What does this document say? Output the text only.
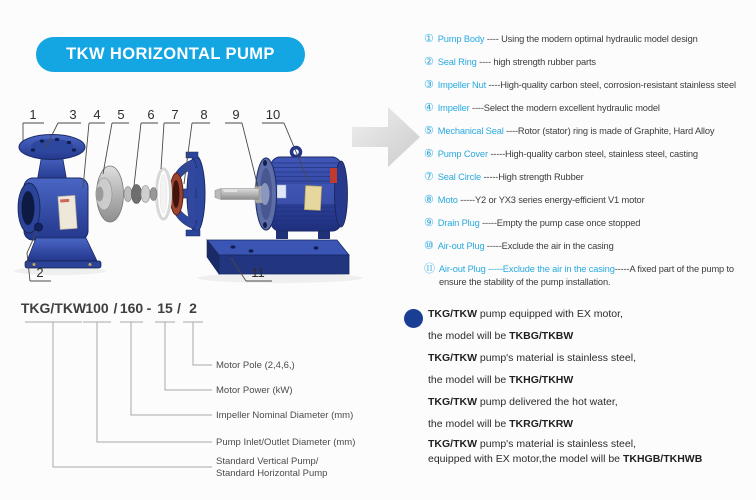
TKW HORIZONTAL PUMP
1	3 4 5 6 7 8 9 10
2	11
① Pump Body ---- Using the modern optimal hydraulic model design
② Seal Ring ---- high strength rubber parts
③ Impeller Nut ----High-quality carbon steel, corrosion-resistant stainless steel
④ Impeller ----Select the modern excellent hydraulic model
⑤ Mechanical Seal ----Rotor (stator) ring is made of Graphite, Hard Alloy
⑥ Pump Cover -----High-quality carbon steel, stainless steel, casting
⑦ Seal Circle -----High strength Rubber
⑧ Moto -----Y2 or YX3 series energy-efficient V1 motor
⑨ Drain Plug -----Empty the pump case once stopped
⑩ Air-out Plug -----Exclude the air in the casing
⑪ Air-out Plug -----Exclude the air in the casing-----A fixed part of the pump to ensure the stability of the pump installation.
TKG/TKW 100 / 160 - 15 / 2
Motor Pole (2,4,6,)
Motor Power (kW)
Impeller Nominal Diameter (mm)
Pump Inlet/Outlet Diameter (mm)
Standard Vertical Pump/
Standard Horizontal Pump
TKG/TKW pump equipped with EX motor,
the model will be TKBG/TKBW
TKG/TKW pump's material is stainless steel,
the model will be TKHG/TKHW
TKG/TKW pump delivered the hot water,
the model will be TKRG/TKRW
TKG/TKW pump's material is stainless steel,
equipped with EX motor,the model will be TKHGB/TKHWB
